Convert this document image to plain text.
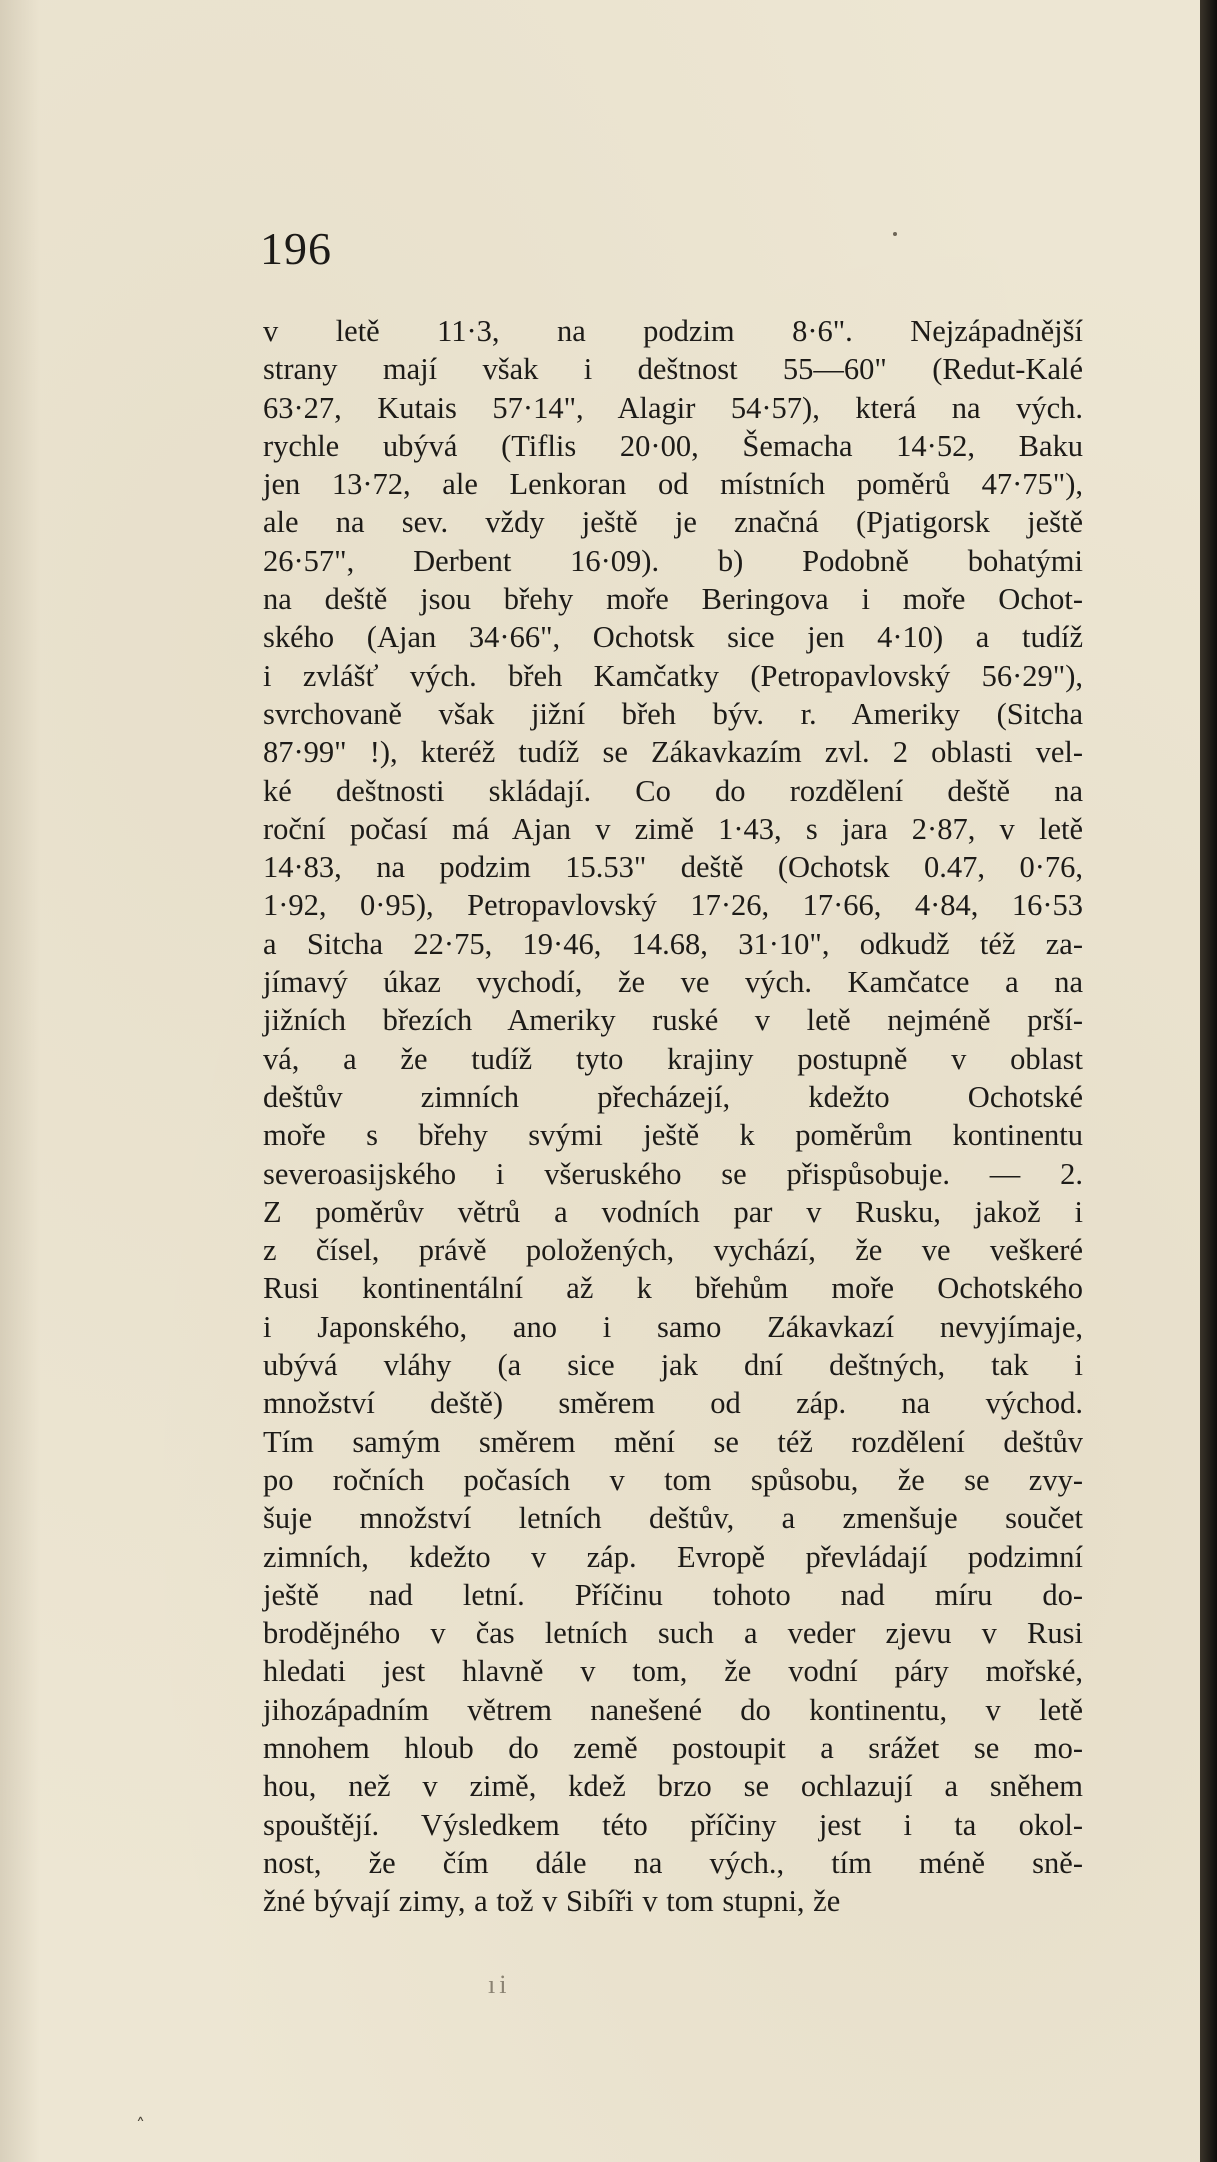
196
v letě 11·3, na podzim 8·6". Nejzápadnější
strany mají však i deštnost 55—60" (Redut-Kalé
63·27, Kutais 57·14", Alagir 54·57), která na vých.
rychle ubývá (Tiflis 20·00, Šemacha 14·52, Baku
jen 13·72, ale Lenkoran od místních poměrů 47·75"),
ale na sev. vždy ještě je značná (Pjatigorsk ještě
26·57", Derbent 16·09). b) Podobně bohatými
na deště jsou břehy moře Beringova i moře Ochot-
ského (Ajan 34·66", Ochotsk sice jen 4·10) a tudíž
i zvlášť vých. břeh Kamčatky (Petropavlovský 56·29"),
svrchovaně však jižní břeh býv. r. Ameriky (Sitcha
87·99" !), kteréž tudíž se Zákavkazím zvl. 2 oblasti vel-
ké deštnosti skládají. Co do rozdělení deště na
roční počasí má Ajan v zimě 1·43, s jara 2·87, v letě
14·83, na podzim 15.53" deště (Ochotsk 0.47, 0·76,
1·92, 0·95), Petropavlovský 17·26, 17·66, 4·84, 16·53
a Sitcha 22·75, 19·46, 14.68, 31·10", odkudž též za-
jímavý úkaz vychodí, že ve vých. Kamčatce a na
jižních březích Ameriky ruské v letě nejméně prší-
vá, a že tudíž tyto krajiny postupně v oblast
deštův zimních přecházejí, kdežto Ochotské
moře s břehy svými ještě k poměrům kontinentu
severoasijského i všeruského se přispůsobuje. — 2.
Z poměrův větrů a vodních par v Rusku, jakož i
z čísel, právě položených, vychází, že ve veškeré
Rusi kontinentální až k břehům moře Ochotského
i Japonského, ano i samo Zákavkazí nevyjímaje,
ubývá vláhy (a sice jak dní deštných, tak i
množství deště) směrem od záp. na východ.
Tím samým směrem mění se též rozdělení deštův
po ročních počasích v tom spůsobu, že se zvy-
šuje množství letních deštův, a zmenšuje součet
zimních, kdežto v záp. Evropě převládají podzimní
ještě nad letní. Příčinu tohoto nad míru do-
brodějného v čas letních such a veder zjevu v Rusi
hledati jest hlavně v tom, že vodní páry mořské,
jihozápadním větrem nanešené do kontinentu, v letě
mnohem hloub do země postoupit a srážet se mo-
hou, než v zimě, kdež brzo se ochlazují a sněhem
spouštějí. Výsledkem této příčiny jest i ta okol-
nost, že čím dále na vých., tím méně sně-
žné bývají zimy, a tož v Sibíři v tom stupni, že
ıi
˄
